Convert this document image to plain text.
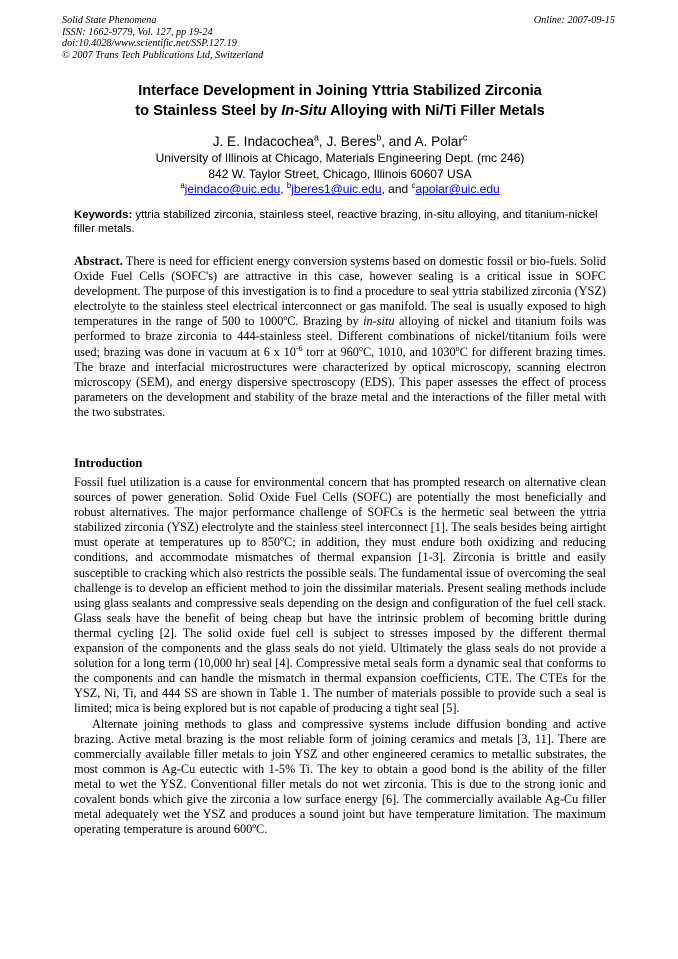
Solid State Phenomena
ISSN: 1662-9779, Vol. 127, pp 19-24
doi:10.4028/www.scientific.net/SSP.127.19
© 2007 Trans Tech Publications Ltd, Switzerland
Online: 2007-09-15
Interface Development in Joining Yttria Stabilized Zirconia
to Stainless Steel by In-Situ Alloying with Ni/Ti Filler Metals
J. E. Indacochea$^a$, J. Beres$^b$, and A. Polar$^c$
University of Illinois at Chicago, Materials Engineering Dept. (mc 246)
842 W. Taylor Street, Chicago, Illinois 60607 USA
$^a$jeindaco@uic.edu, $^b$jberes1@uic.edu, and $^c$apolar@uic.edu
Keywords: yttria stabilized zirconia, stainless steel, reactive brazing, in-situ alloying, and titanium-nickel filler metals.
Abstract. There is need for efficient energy conversion systems based on domestic fossil or bio-fuels. Solid Oxide Fuel Cells (SOFC's) are attractive in this case, however sealing is a critical issue in SOFC development. The purpose of this investigation is to find a procedure to seal yttria stabilized zirconia (YSZ) electrolyte to the stainless steel electrical interconnect or gas manifold. The seal is usually exposed to high temperatures in the range of 500 to 1000ºC. Brazing by in-situ alloying of nickel and titanium foils was performed to braze zirconia to 444-stainless steel. Different combinations of nickel/titanium foils were used; brazing was done in vacuum at 6 x $10^{-6}$ torr at 960$^o$C, 1010, and 1030$^o$C for different brazing times. The braze and interfacial microstructures were characterized by optical microscopy, scanning electron microscopy (SEM), and energy dispersive spectroscopy (EDS). This paper assesses the effect of process parameters on the development and stability of the braze metal and the interactions of the filler metal with the two substrates.
Introduction

Fossil fuel utilization is a cause for environmental concern that has prompted research on alternative clean sources of power generation. Solid Oxide Fuel Cells (SOFC) are potentially the most beneficially and robust alternatives. The major performance challenge of SOFCs is the hermetic seal between the yttria stabilized zirconia (YSZ) electrolyte and the stainless steel interconnect [1]. The seals besides being airtight must operate at temperatures up to 850$^o$C; in addition, they must endure both oxidizing and reducing conditions, and accommodate mismatches of thermal expansion [1-3]. Zirconia is brittle and easily susceptible to cracking which also restricts the possible seals. The fundamental issue of overcoming the seal challenge is to develop an efficient method to join the dissimilar materials. Present sealing methods include using glass sealants and compressive seals depending on the design and configuration of the fuel cell stack. Glass seals have the benefit of being cheap but have the intrinsic problem of becoming brittle during thermal cycling [2]. The solid oxide fuel cell is subject to stresses imposed by the different thermal expansion of the components and the glass seals do not yield. Ultimately the glass seals do not provide a solution for a long term (10,000 hr) seal [4]. Compressive metal seals form a dynamic seal that conforms to the components and can handle the mismatch in thermal expansion coefficients, CTE. The CTEs for the YSZ, Ni, Ti, and 444 SS are shown in Table 1. The number of materials possible to provide such a seal is limited; mica is being explored but is not capable of producing a tight seal [5].

Alternate joining methods to glass and compressive systems include diffusion bonding and active brazing. Active metal brazing is the most reliable form of joining ceramics and metals [3, 11]. There are commercially available filler metals to join YSZ and other engineered ceramics to metallic substrates, the most common is Ag-Cu eutectic with 1-5% Ti. The key to obtain a good bond is the ability of the filler metal to wet the YSZ. Conventional filler metals do not wet zirconia. This is due to the strong ionic and covalent bonds which give the zirconia a low surface energy [6]. The commercially available Ag-Cu filler metal adequately wet the YSZ and produces a sound joint but have temperature limitation. The maximum operating temperature is around 600ºC.
